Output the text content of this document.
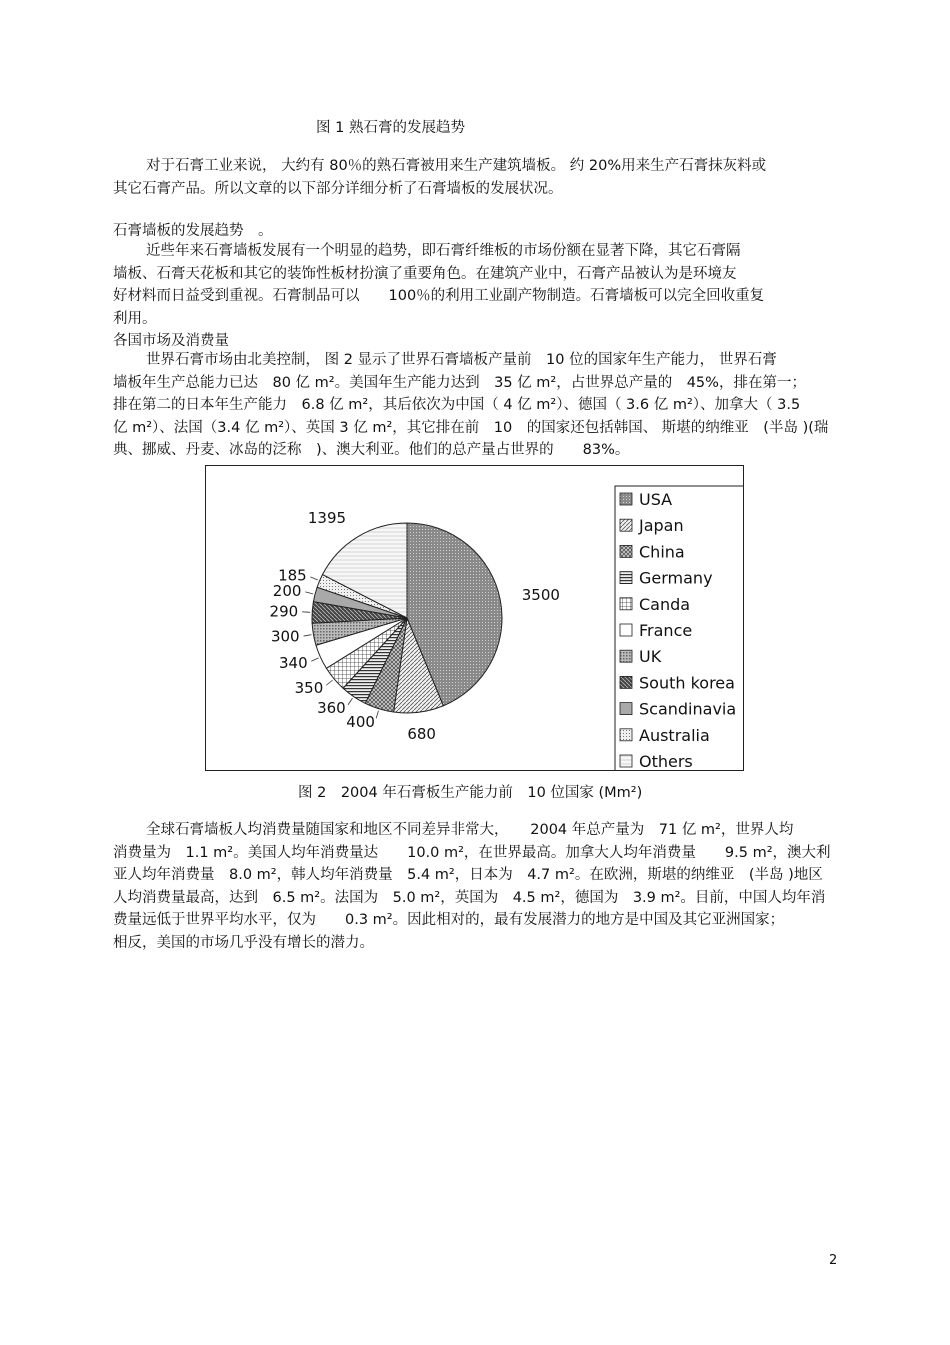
图 1 熟石膏的发展趋势

对于石膏工业来说， 大约有 80％的熟石膏被用来生产建筑墙板。 约 20%用来生产石膏抹灰料或

其它石膏产品。所以文章的以下部分详细分析了石膏墙板的发展状况。

石膏墙板的发展趋势　。

近些年来石膏墙板发展有一个明显的趋势，即石膏纤维板的市场份额在显著下降，其它石膏隔

墙板、石膏天花板和其它的装饰性板材扮演了重要角色。在建筑产业中，石膏产品被认为是环境友

好材料而日益受到重视。石膏制品可以　　100％的利用工业副产物制造。石膏墙板可以完全回收重复

利用。

各国市场及消费量

世界石膏市场由北美控制， 图 2 显示了世界石膏墙板产量前　10 位的国家年生产能力， 世界石膏

墙板年生产总能力已达　80 亿 m²。美国年生产能力达到　35 亿 m²，占世界总产量的　45%，排在第一；

排在第二的日本年生产能力　6.8 亿 m²，其后依次为中国（ 4 亿 m²）、德国（ 3.6 亿 m²）、加拿大（ 3.5

亿 m²）、法国（3.4 亿 m²）、英国 3 亿 m²，其它排在前　10　的国家还包括韩国、 斯堪的纳维亚　(半岛 )(瑞

典、挪威、丹麦、冰岛的泛称　)、澳大利亚。他们的总产量占世界的　　83%。

3500
680
400
360
350
340
300
290
200
185
1395
USA
Japan
China
Germany
Canda
France
UK
South korea
Scandinavia
Australia
Others
图 2　2004 年石膏板生产能力前　10 位国家 (Mm²)

全球石膏墙板人均消费量随国家和地区不同差异非常大，　　2004 年总产量为　71 亿 m²，世界人均

消费量为　1.1 m²。美国人均年消费量达　　10.0 m²，在世界最高。加拿大人均年消费量　　9.5 m²，澳大利

亚人均年消费量　8.0 m²，韩人均年消费量　5.4 m²，日本为　4.7 m²。在欧洲，斯堪的纳维亚　(半岛 )地区

人均消费量最高，达到　6.5 m²。法国为　5.0 m²，英国为　4.5 m²，德国为　3.9 m²。目前，中国人均年消

费量远低于世界平均水平，仅为　　0.3 m²。因此相对的，最有发展潜力的地方是中国及其它亚洲国家；

相反，美国的市场几乎没有增长的潜力。

2
